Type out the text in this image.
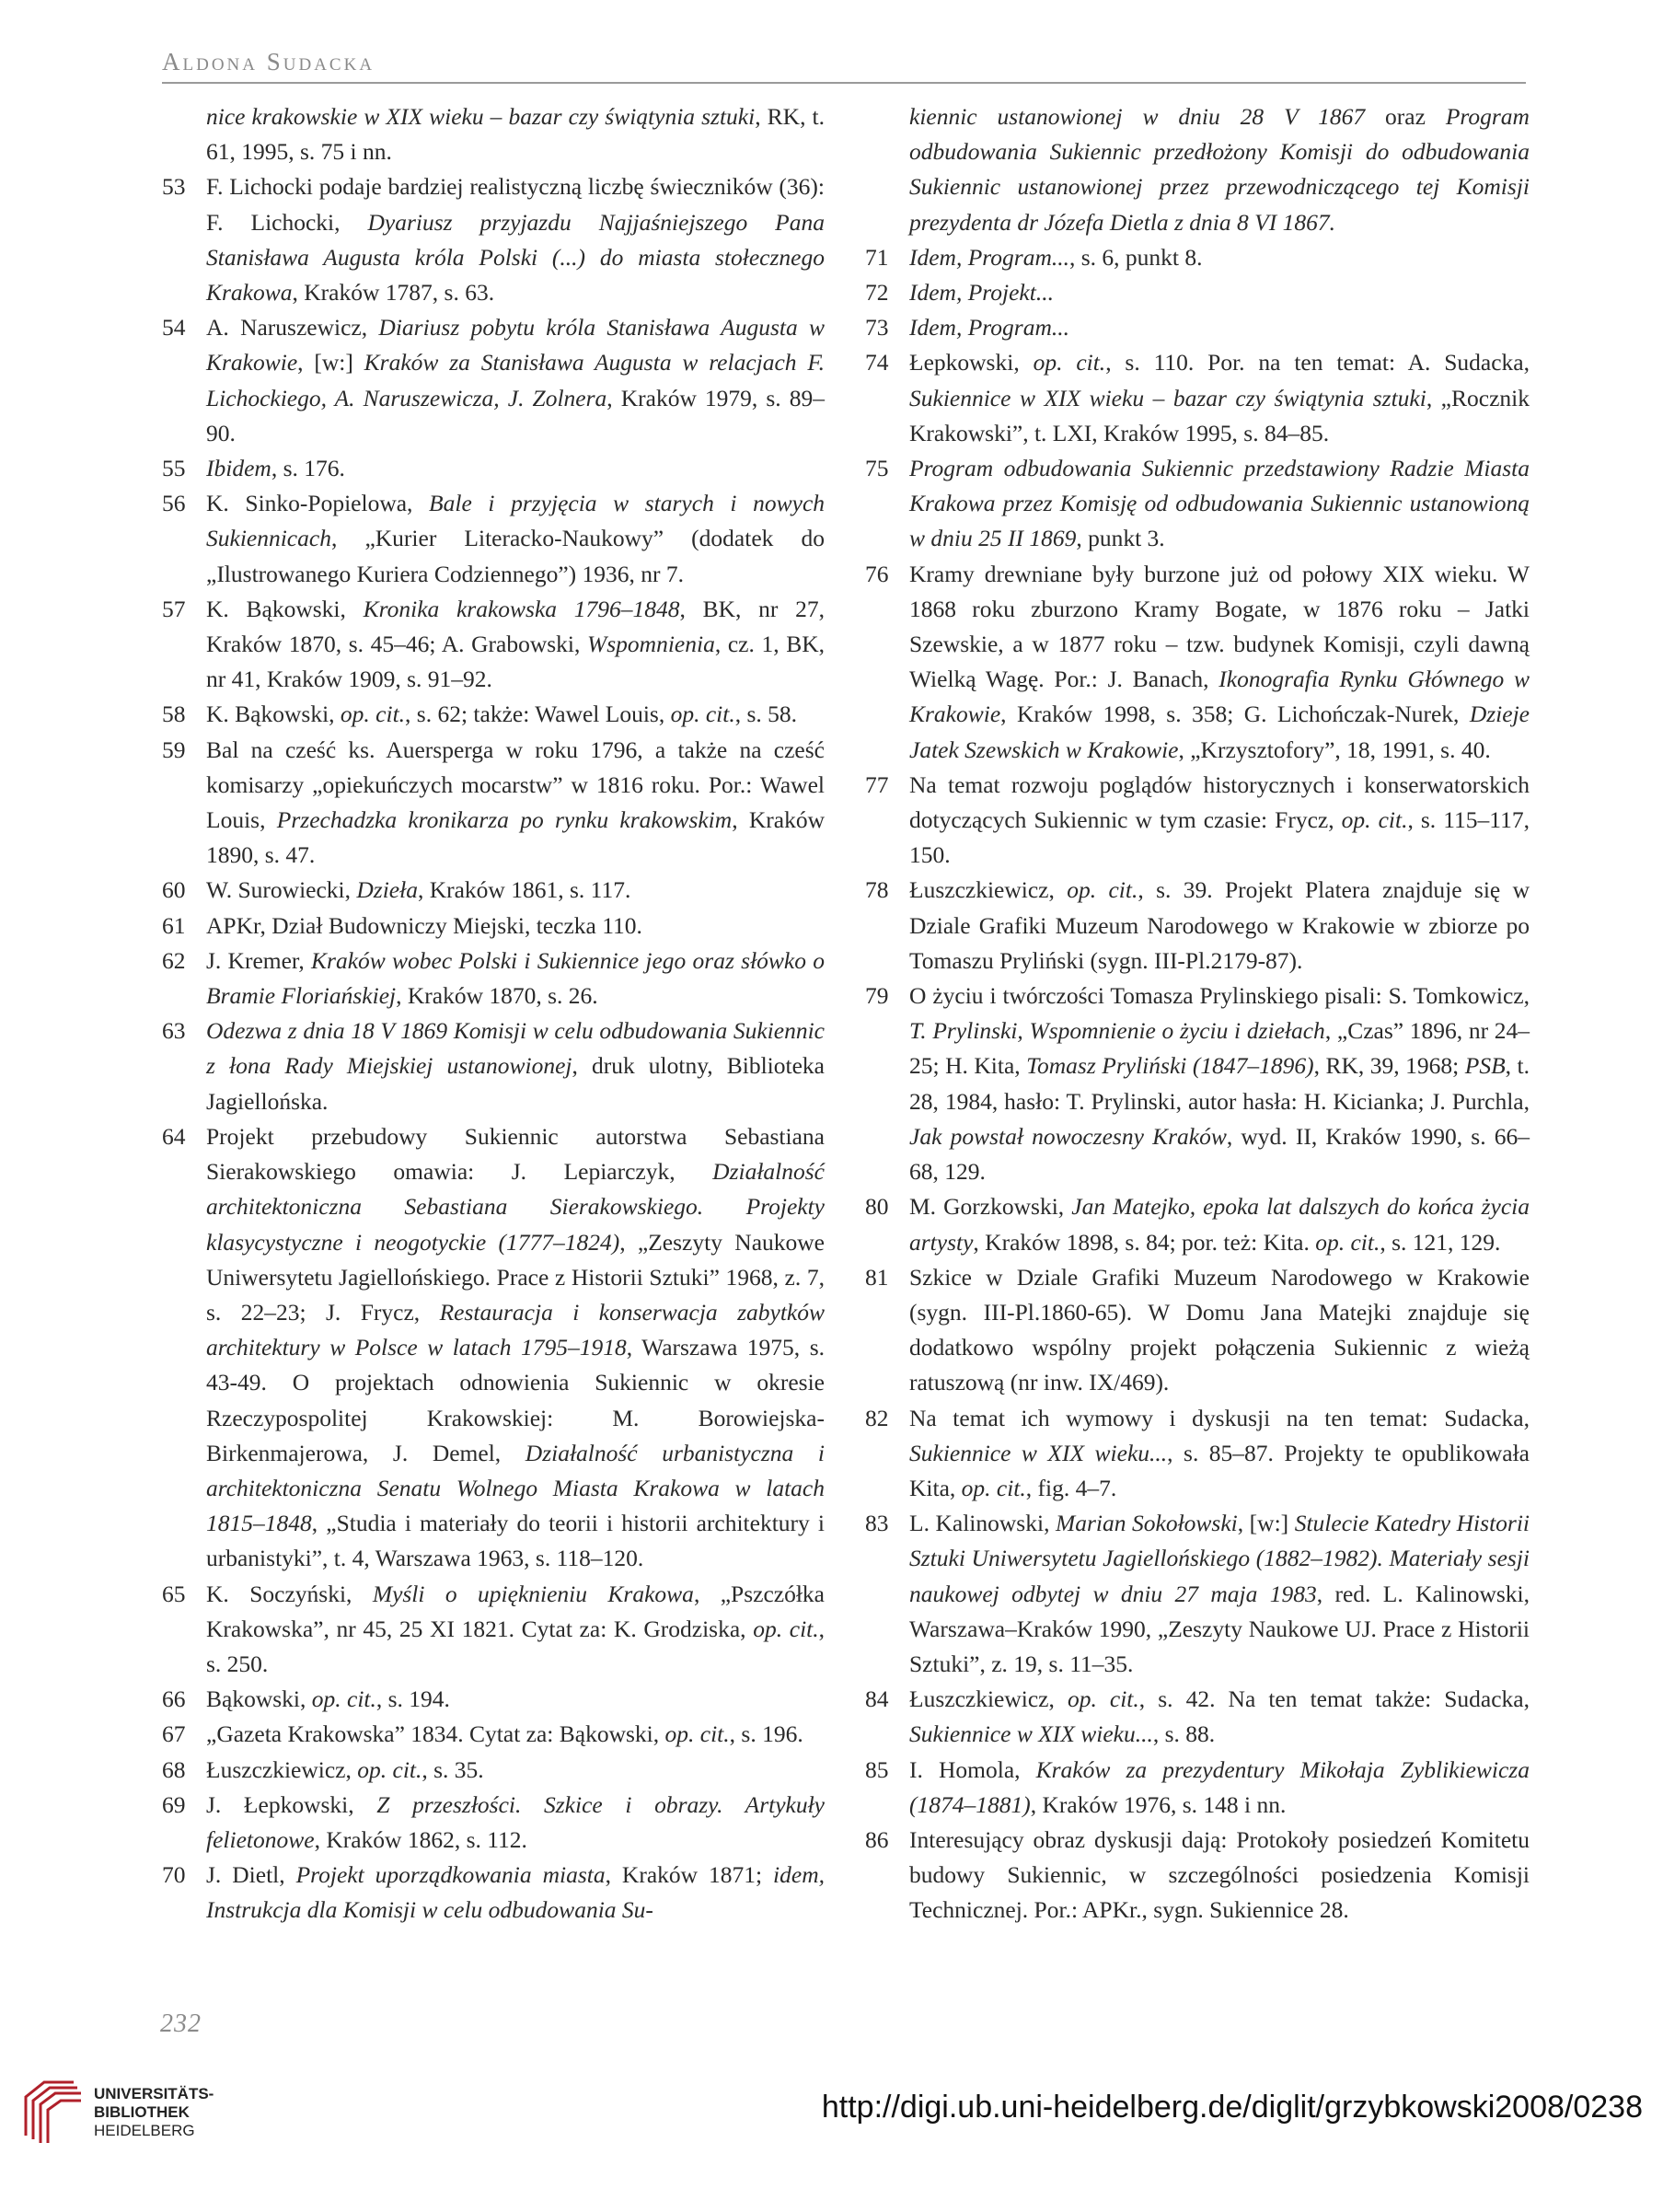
Aldona Sudacka
nice krakowskie w XIX wieku – bazar czy świątynia sztuki, RK, t. 61, 1995, s. 75 i nn.
53 F. Lichocki podaje bardziej realistyczną liczbę świeczników (36): F. Lichocki, Dyariusz przyjazdu Najjaśniejszego Pana Stanisława Augusta króla Polski (...) do miasta stołecznego Krakowa, Kraków 1787, s. 63.
54 A. Naruszewicz, Diariusz pobytu króla Stanisława Augusta w Krakowie, [w:] Kraków za Stanisława Augusta w relacjach F. Lichockiego, A. Naruszewicza, J. Zolnera, Kraków 1979, s. 89–90.
55 Ibidem, s. 176.
56 K. Sinko-Popielowa, Bale i przyjęcia w starych i nowych Sukiennicach, „Kurier Literacko-Naukowy” (dodatek do „Ilustrowanego Kuriera Codziennego”) 1936, nr 7.
57 K. Bąkowski, Kronika krakowska 1796–1848, BK, nr 27, Kraków 1870, s. 45–46; A. Grabowski, Wspomnienia, cz. 1, BK, nr 41, Kraków 1909, s. 91–92.
58 K. Bąkowski, op. cit., s. 62; także: Wawel Louis, op. cit., s. 58.
59 Bal na cześć ks. Auersperga w roku 1796, a także na cześć komisarzy „opiekuńczych mocarstw” w 1816 roku. Por.: Wawel Louis, Przechadzka kronikarza po rynku krakowskim, Kraków 1890, s. 47.
60 W. Surowiecki, Dzieła, Kraków 1861, s. 117.
61 APKr, Dział Budowniczy Miejski, teczka 110.
62 J. Kremer, Kraków wobec Polski i Sukiennice jego oraz słówko o Bramie Floriańskiej, Kraków 1870, s. 26.
63 Odezwa z dnia 18 V 1869 Komisji w celu odbudowania Sukiennic z łona Rady Miejskiej ustanowionej, druk ulotny, Biblioteka Jagiellońska.
64 Projekt przebudowy Sukiennic autorstwa Sebastiana Sierakowskiego omawia: J. Lepiarczyk, Działalność architektoniczna Sebastiana Sierakowskiego. Projekty klasycystyczne i neogotyckie (1777–1824), „Zeszyty Naukowe Uniwersytetu Jagiellońskiego. Prace z Historii Sztuki” 1968, z. 7, s. 22–23; J. Frycz, Restauracja i konserwacja zabytków architektury w Polsce w latach 1795–1918, Warszawa 1975, s. 43-49. O projektach odnowienia Sukiennic w okresie Rzeczypospolitej Krakowskiej: M. Borowiejska-Birkenmajerowa, J. Demel, Działalność urbanistyczna i architektoniczna Senatu Wolnego Miasta Krakowa w latach 1815–1848, „Studia i materiały do teorii i historii architektury i urbanistyki”, t. 4, Warszawa 1963, s. 118–120.
65 K. Soczyński, Myśli o upięknieniu Krakowa, „Pszczółka Krakowska”, nr 45, 25 XI 1821. Cytat za: K. Grodziska, op. cit., s. 250.
66 Bąkowski, op. cit., s. 194.
67 „Gazeta Krakowska” 1834. Cytat za: Bąkowski, op. cit., s. 196.
68 Łuszczkiewicz, op. cit., s. 35.
69 J. Łepkowski, Z przeszłości. Szkice i obrazy. Artykuły felietonowe, Kraków 1862, s. 112.
70 J. Dietl, Projekt uporządkowania miasta, Kraków 1871; idem, Instrukcja dla Komisji w celu odbudowania Su-
kiennic ustanowionej w dniu 28 V 1867 oraz Program odbudowania Sukiennic przedłożony Komisji do odbudowania Sukiennic ustanowionej przez przewodniczącego tej Komisji prezydenta dr Józefa Dietla z dnia 8 VI 1867.
71 Idem, Program..., s. 6, punkt 8.
72 Idem, Projekt...
73 Idem, Program...
74 Łepkowski, op. cit., s. 110. Por. na ten temat: A. Sudacka, Sukiennice w XIX wieku – bazar czy świątynia sztuki, „Rocznik Krakowski”, t. LXI, Kraków 1995, s. 84–85.
75 Program odbudowania Sukiennic przedstawiony Radzie Miasta Krakowa przez Komisję od odbudowania Sukiennic ustanowioną w dniu 25 II 1869, punkt 3.
76 Kramy drewniane były burzone już od połowy XIX wieku. W 1868 roku zburzono Kramy Bogate, w 1876 roku – Jatki Szewskie, a w 1877 roku – tzw. budynek Komisji, czyli dawną Wielką Wagę. Por.: J. Banach, Ikonografia Rynku Głównego w Krakowie, Kraków 1998, s. 358; G. Lichończak-Nurek, Dzieje Jatek Szewskich w Krakowie, „Krzysztofory”, 18, 1991, s. 40.
77 Na temat rozwoju poglądów historycznych i konserwatorskich dotyczących Sukiennic w tym czasie: Frycz, op. cit., s. 115–117, 150.
78 Łuszczkiewicz, op. cit., s. 39. Projekt Platera znajduje się w Dziale Grafiki Muzeum Narodowego w Krakowie w zbiorze po Tomaszu Pryliński (sygn. III-Pl.2179-87).
79 O życiu i twórczości Tomasza Prylinskiego pisali: S. Tomkowicz, T. Prylinski, Wspomnienie o życiu i dziełach, „Czas” 1896, nr 24–25; H. Kita, Tomasz Pryliński (1847–1896), RK, 39, 1968; PSB, t. 28, 1984, hasło: T. Prylinski, autor hasła: H. Kicianka; J. Purchla, Jak powstał nowoczesny Kraków, wyd. II, Kraków 1990, s. 66–68, 129.
80 M. Gorzkowski, Jan Matejko, epoka lat dalszych do końca życia artysty, Kraków 1898, s. 84; por. też: Kita. op. cit., s. 121, 129.
81 Szkice w Dziale Grafiki Muzeum Narodowego w Krakowie (sygn. III-Pl.1860-65). W Domu Jana Matejki znajduje się dodatkowo wspólny projekt połączenia Sukiennic z wieżą ratuszową (nr inw. IX/469).
82 Na temat ich wymowy i dyskusji na ten temat: Sudacka, Sukiennice w XIX wieku..., s. 85–87. Projekty te opublikowała Kita, op. cit., fig. 4–7.
83 L. Kalinowski, Marian Sokołowski, [w:] Stulecie Katedry Historii Sztuki Uniwersytetu Jagiellońskiego (1882–1982). Materiały sesji naukowej odbytej w dniu 27 maja 1983, red. L. Kalinowski, Warszawa–Kraków 1990, „Zeszyty Naukowe UJ. Prace z Historii Sztuki”, z. 19, s. 11–35.
84 Łuszczkiewicz, op. cit., s. 42. Na ten temat także: Sudacka, Sukiennice w XIX wieku..., s. 88.
85 I. Homola, Kraków za prezydentury Mikołaja Zyblikiewicza (1874–1881), Kraków 1976, s. 148 i nn.
86 Interesujący obraz dyskusji dają: Protokoły posiedzeń Komitetu budowy Sukiennic, w szczególności posiedzenia Komisji Technicznej. Por.: APKr., sygn. Sukiennice 28.
232
UNIVERSITÄTS-
BIBLIOTHEK
HEIDELBERG
http://digi.ub.uni-heidelberg.de/diglit/grzybkowski2008/0238
